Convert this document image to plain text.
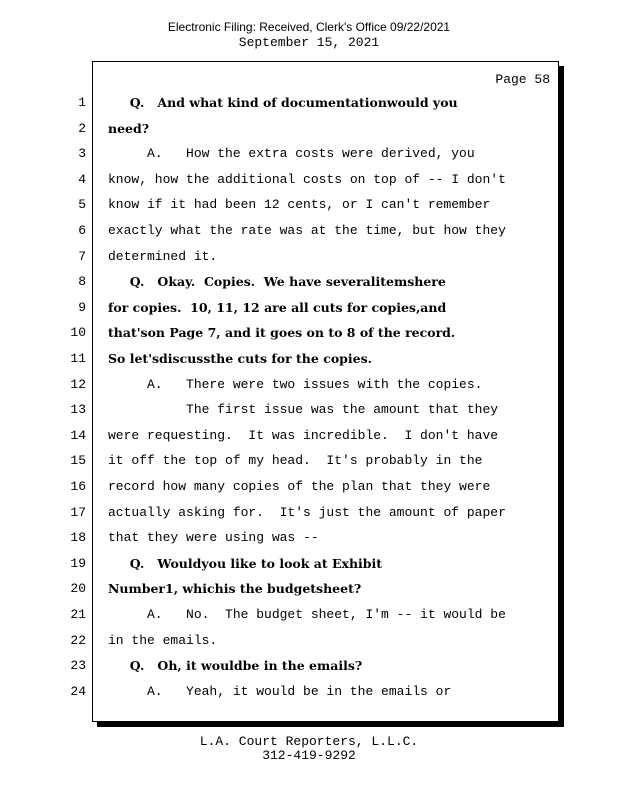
Electronic Filing: Received, Clerk's Office 09/22/2021
September 15, 2021
Page 58
1 Q.   And what kind of documentationwould you
2 need?
3 A.   How the extra costs were derived, you
4 know, how the additional costs on top of -- I don't
5 know if it had been 12 cents, or I can't remember
6 exactly what the rate was at the time, but how they
7 determined it.
8 Q.   Okay.  Copies.  We have severalitemshere
9 for copies.  10, 11, 12 are all cuts for copies,and
10 that'son Page 7, and it goes on to 8 of the record.
11 So let'sdiscussthe cuts for the copies.
12 A.   There were two issues with the copies.
13 The first issue was the amount that they
14 were requesting.  It was incredible.  I don't have
15 it off the top of my head.  It's probably in the
16 record how many copies of the plan that they were
17 actually asking for.  It's just the amount of paper
18 that they were using was --
19 Q.   Wouldyou like to look at Exhibit
20 Number1, whichis the budgetsheet?
21 A.   No.  The budget sheet, I'm -- it would be
22 in the emails.
23 Q.   Oh, it wouldbe in the emails?
24 A.   Yeah, it would be in the emails or
L.A. Court Reporters, L.L.C.
312-419-9292
